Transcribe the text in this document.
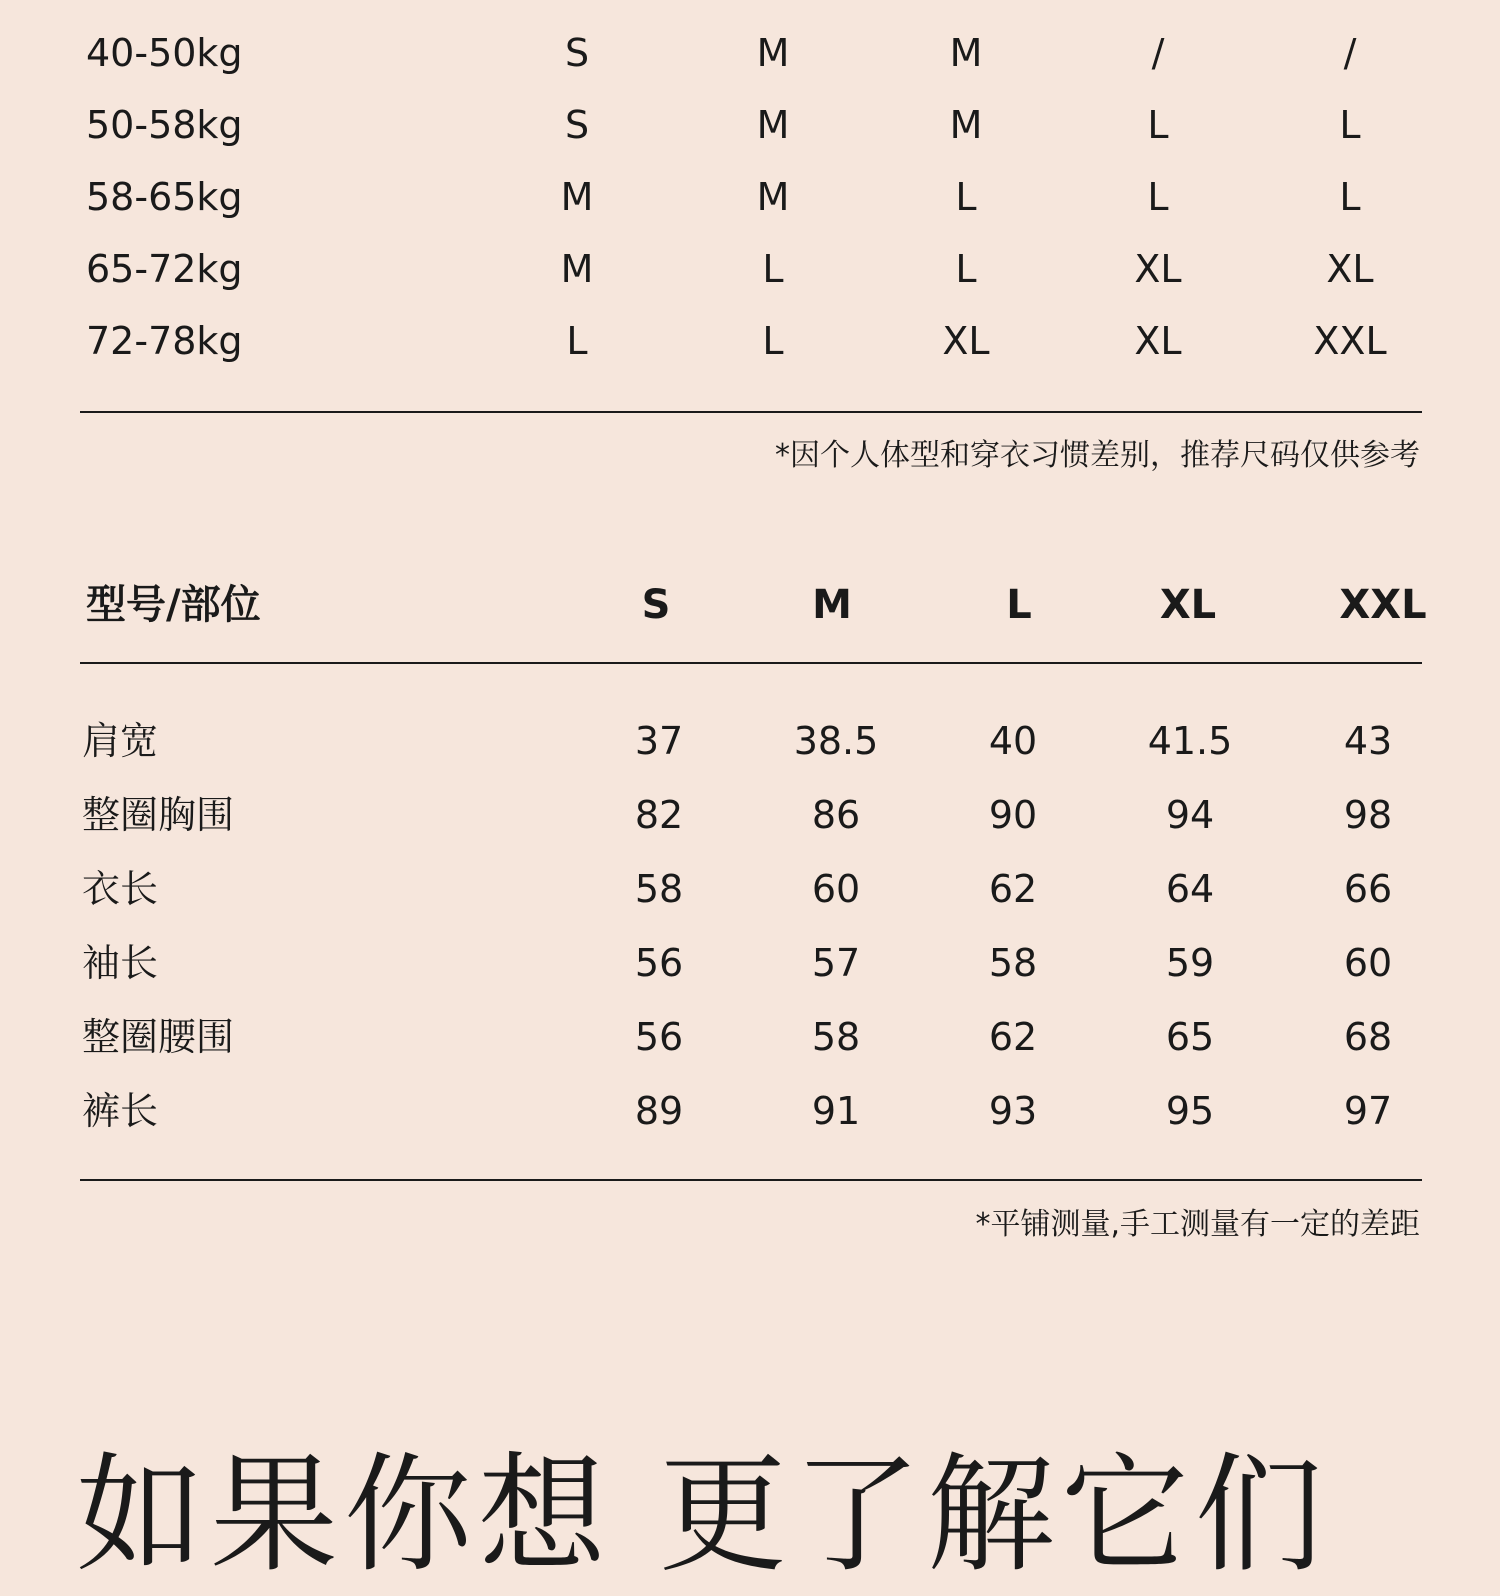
40-50kg	S	M	M	/	/
50-58kg	S	M	M	L	L
58-65kg	M	M	L	L	L
65-72kg	M	L	L	XL	XL
72-78kg	L	L	XL	XL	XXL
*因个人体型和穿衣习惯差别，推荐尺码仅供参考
型号/部位	S	M	L	XL	XXL
肩宽	37	38.5	40	41.5	43
整圈胸围	82	86	90	94	98
衣长	58	60	62	64	66
袖长	56	57	58	59	60
整圈腰围	56	58	62	65	68
裤长	89	91	93	95	97
*平铺测量,手工测量有一定的差距
如果你想 更了解它们
